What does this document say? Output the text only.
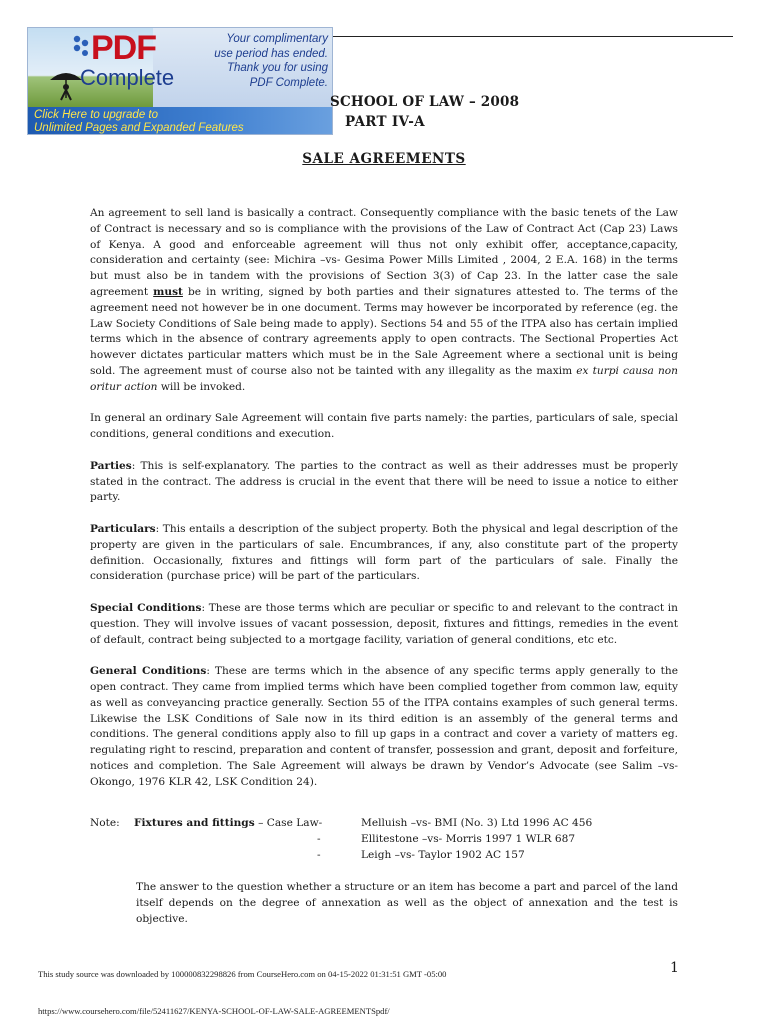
PDF
Complete
Your complimentary
use period has ended.
Thank you for using
PDF Complete.
Click Here to upgrade to
Unlimited Pages and Expanded Features
SCHOOL OF LAW – 2008
PART IV-A
SALE AGREEMENTS

An agreement to sell land is basically a contract. Consequently compliance with the basic tenets of the Law of Contract is necessary and so is compliance with the provisions of the Law of Contract Act (Cap 23) Laws of Kenya. A good and enforceable agreement will thus not only exhibit offer, acceptance,capacity, consideration and certainty (see: Michira –vs- Gesima Power Mills Limited , 2004, 2 E.A. 168) in the terms but must also be in tandem with the provisions of Section 3(3) of Cap 23. In the latter case the sale agreement must be in writing, signed by both parties and their signatures attested to. The terms of the agreement need not however be in one document. Terms may however be incorporated by reference (eg. the Law Society Conditions of Sale being made to apply). Sections 54 and 55 of the ITPA also has certain implied terms which in the absence of contrary agreements apply to open contracts. The Sectional Properties Act however dictates particular matters which must be in the Sale Agreement where a sectional unit is being sold. The agreement must of course also not be tainted with any illegality as the maxim ex turpi causa non oritur action will be invoked.

In general an ordinary Sale Agreement will contain five parts namely: the parties, particulars of sale, special conditions, general conditions and execution.

Parties: This is self-explanatory. The parties to the contract as well as their addresses must be properly stated in the contract. The address is crucial in the event that there will be need to issue a notice to either party.

Particulars: This entails a description of the subject property. Both the physical and legal description of the property are given in the particulars of sale. Encumbrances, if any, also constitute part of the property definition. Occasionally, fixtures and fittings will form part of the particulars of sale. Finally the consideration (purchase price) will be part of the particulars.

Special Conditions: These are those terms which are peculiar or specific to and relevant to the contract in question. They will involve issues of vacant possession, deposit, fixtures and fittings, remedies in the event of default, contract being subjected to a mortgage facility, variation of general conditions, etc etc.

General Conditions: These are terms which in the absence of any specific terms apply generally to the open contract. They came from implied terms which have been complied together from common law, equity as well as conveyancing practice generally. Section 55 of the ITPA contains examples of such general terms. Likewise the LSK Conditions of Sale now in its third edition is an assembly of the general terms and conditions. The general conditions apply also to fill up gaps in a contract and cover a variety of matters eg. regulating right to rescind, preparation and content of transfer, possession and grant, deposit and forfeiture, notices and completion. The Sale Agreement will always be drawn by Vendor’s Advocate (see Salim –vs- Okongo, 1976 KLR 42, LSK Condition 24).

Note: Fixtures and fittings – Case Law-	Melluish –vs- BMI (No. 3) Ltd 1996 AC 456
-	Ellitestone –vs- Morris 1997 1 WLR 687
-	Leigh –vs- Taylor 1902 AC 157
The answer to the question whether a structure or an item has become a part and parcel of the land itself depends on the degree of annexation as well as the object of annexation and the test is objective.
1
This study source was downloaded by 100000832298826 from CourseHero.com on 04-15-2022 01:31:51 GMT -05:00
https://www.coursehero.com/file/52411627/KENYA-SCHOOL-OF-LAW-SALE-AGREEMENTSpdf/
